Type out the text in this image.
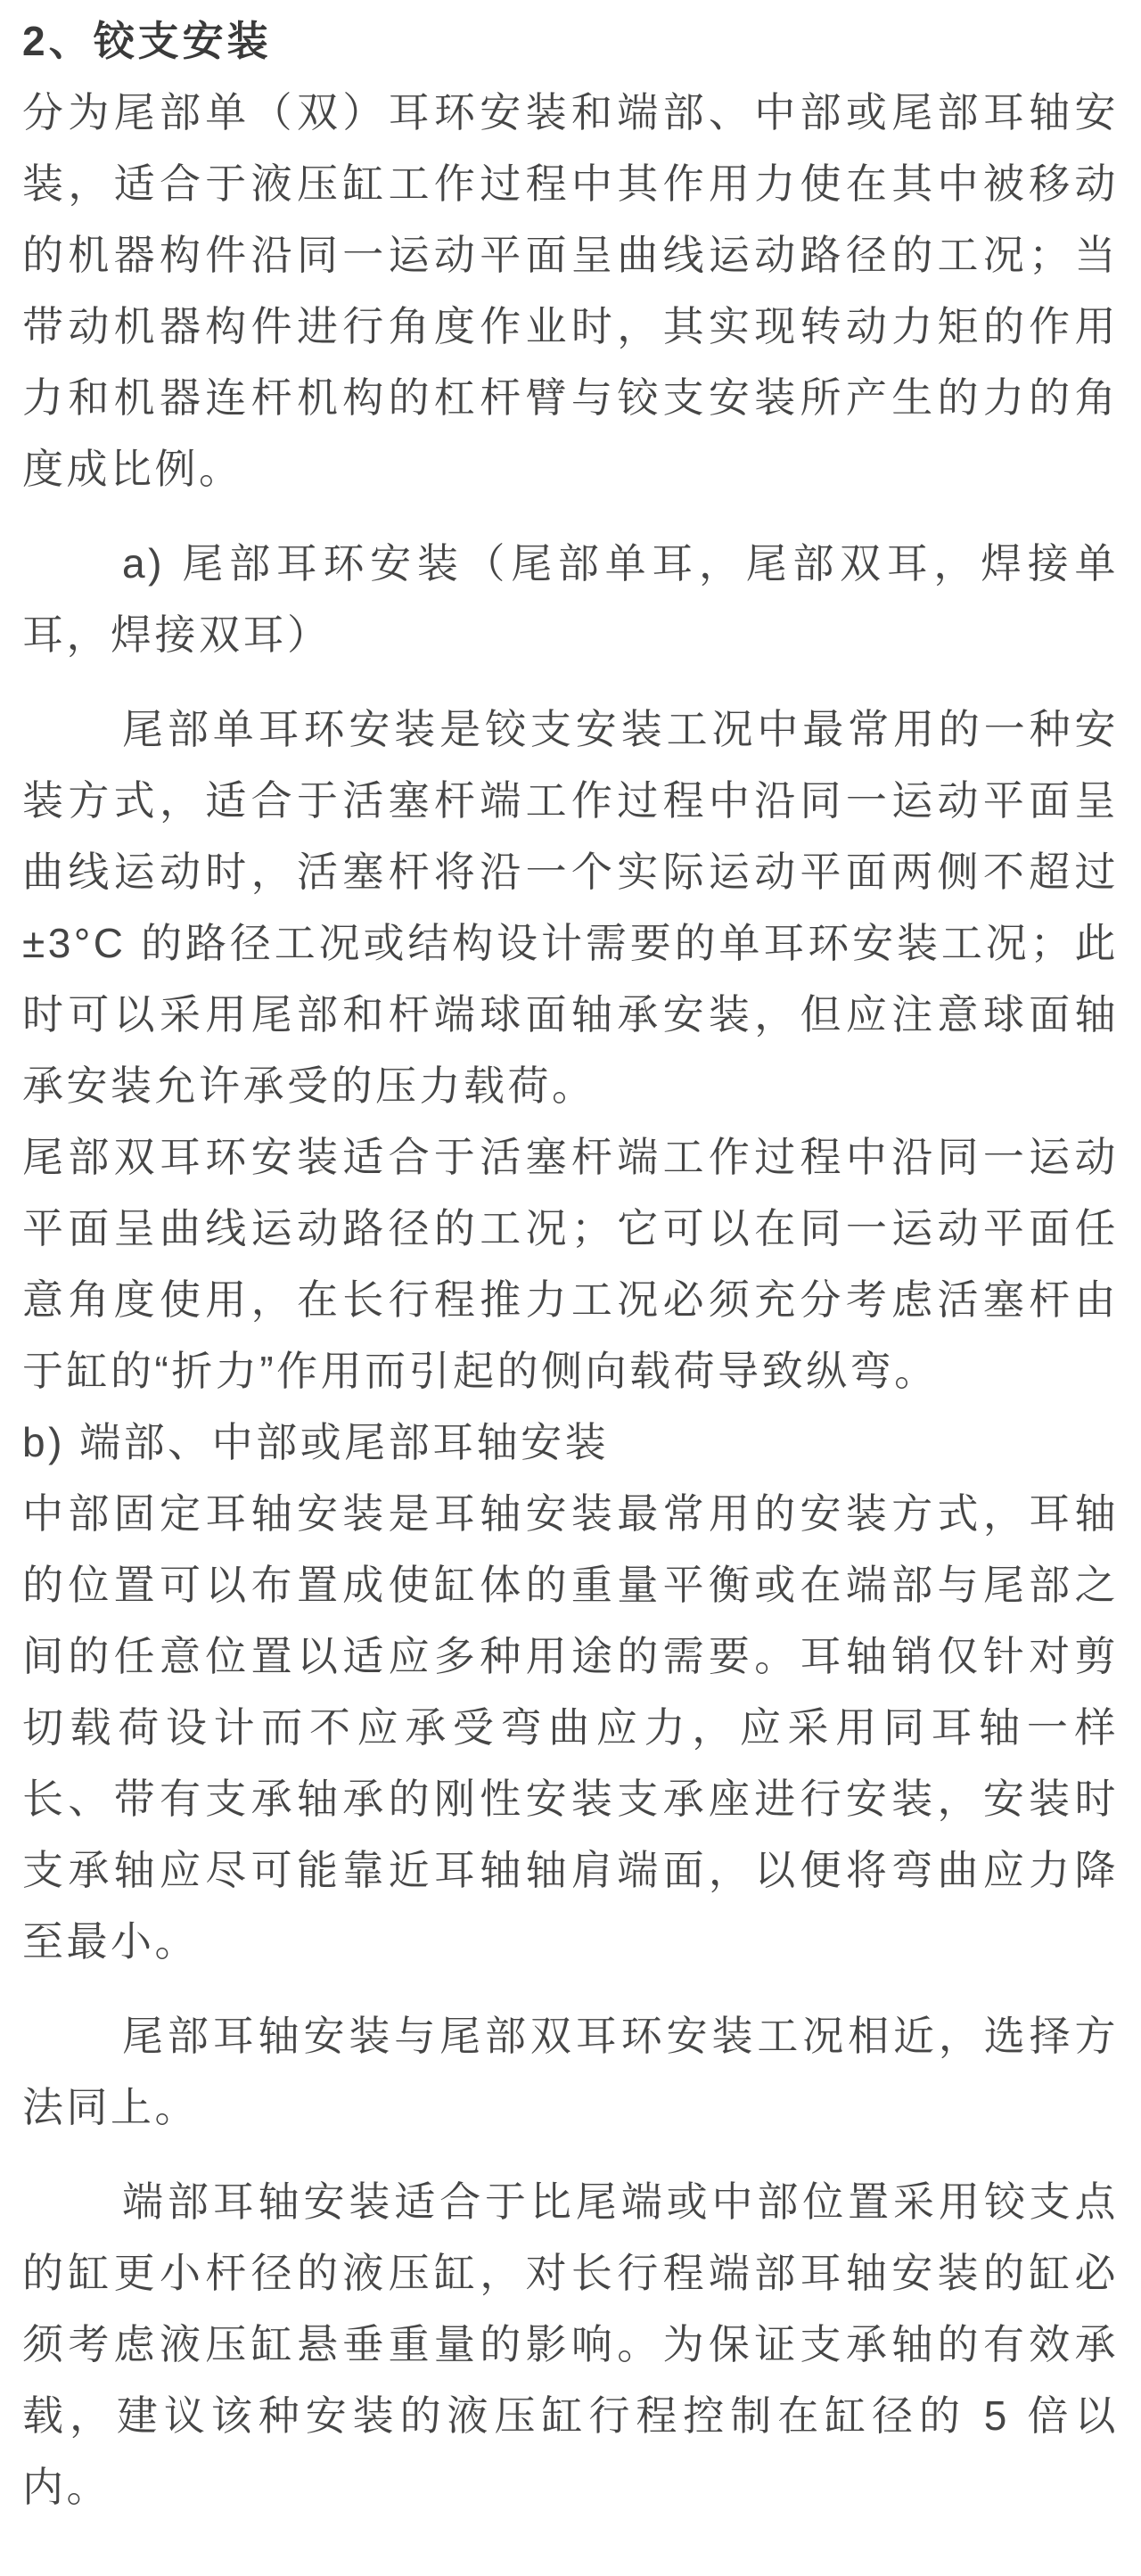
2、铰支安装

分为尾部单（双）耳环安装和端部、中部或尾部耳轴安装，适合于液压缸工作过程中其作用力使在其中被移动的机器构件沿同一运动平面呈曲线运动路径的工况；当带动机器构件进行角度作业时，其实现转动力矩的作用力和机器连杆机构的杠杆臂与铰支安装所产生的力的角度成比例。

a) 尾部耳环安装（尾部单耳，尾部双耳，焊接单耳，焊接双耳）

尾部单耳环安装是铰支安装工况中最常用的一种安装方式，适合于活塞杆端工作过程中沿同一运动平面呈曲线运动时，活塞杆将沿一个实际运动平面两侧不超过 ±3°C 的路径工况或结构设计需要的单耳环安装工况；此时可以采用尾部和杆端球面轴承安装，但应注意球面轴承安装允许承受的压力载荷。

尾部双耳环安装适合于活塞杆端工作过程中沿同一运动平面呈曲线运动路径的工况；它可以在同一运动平面任意角度使用，在长行程推力工况必须充分考虑活塞杆由于缸的“折力”作用而引起的侧向载荷导致纵弯。

b) 端部、中部或尾部耳轴安装

中部固定耳轴安装是耳轴安装最常用的安装方式，耳轴的位置可以布置成使缸体的重量平衡或在端部与尾部之间的任意位置以适应多种用途的需要。耳轴销仅针对剪切载荷设计而不应承受弯曲应力，应采用同耳轴一样长、带有支承轴承的刚性安装支承座进行安装，安装时支承轴应尽可能靠近耳轴轴肩端面，以便将弯曲应力降至最小。

尾部耳轴安装与尾部双耳环安装工况相近，选择方法同上。

端部耳轴安装适合于比尾端或中部位置采用铰支点的缸更小杆径的液压缸，对长行程端部耳轴安装的缸必须考虑液压缸悬垂重量的影响。为保证支承轴的有效承载，建议该种安装的液压缸行程控制在缸径的 5 倍以内。
